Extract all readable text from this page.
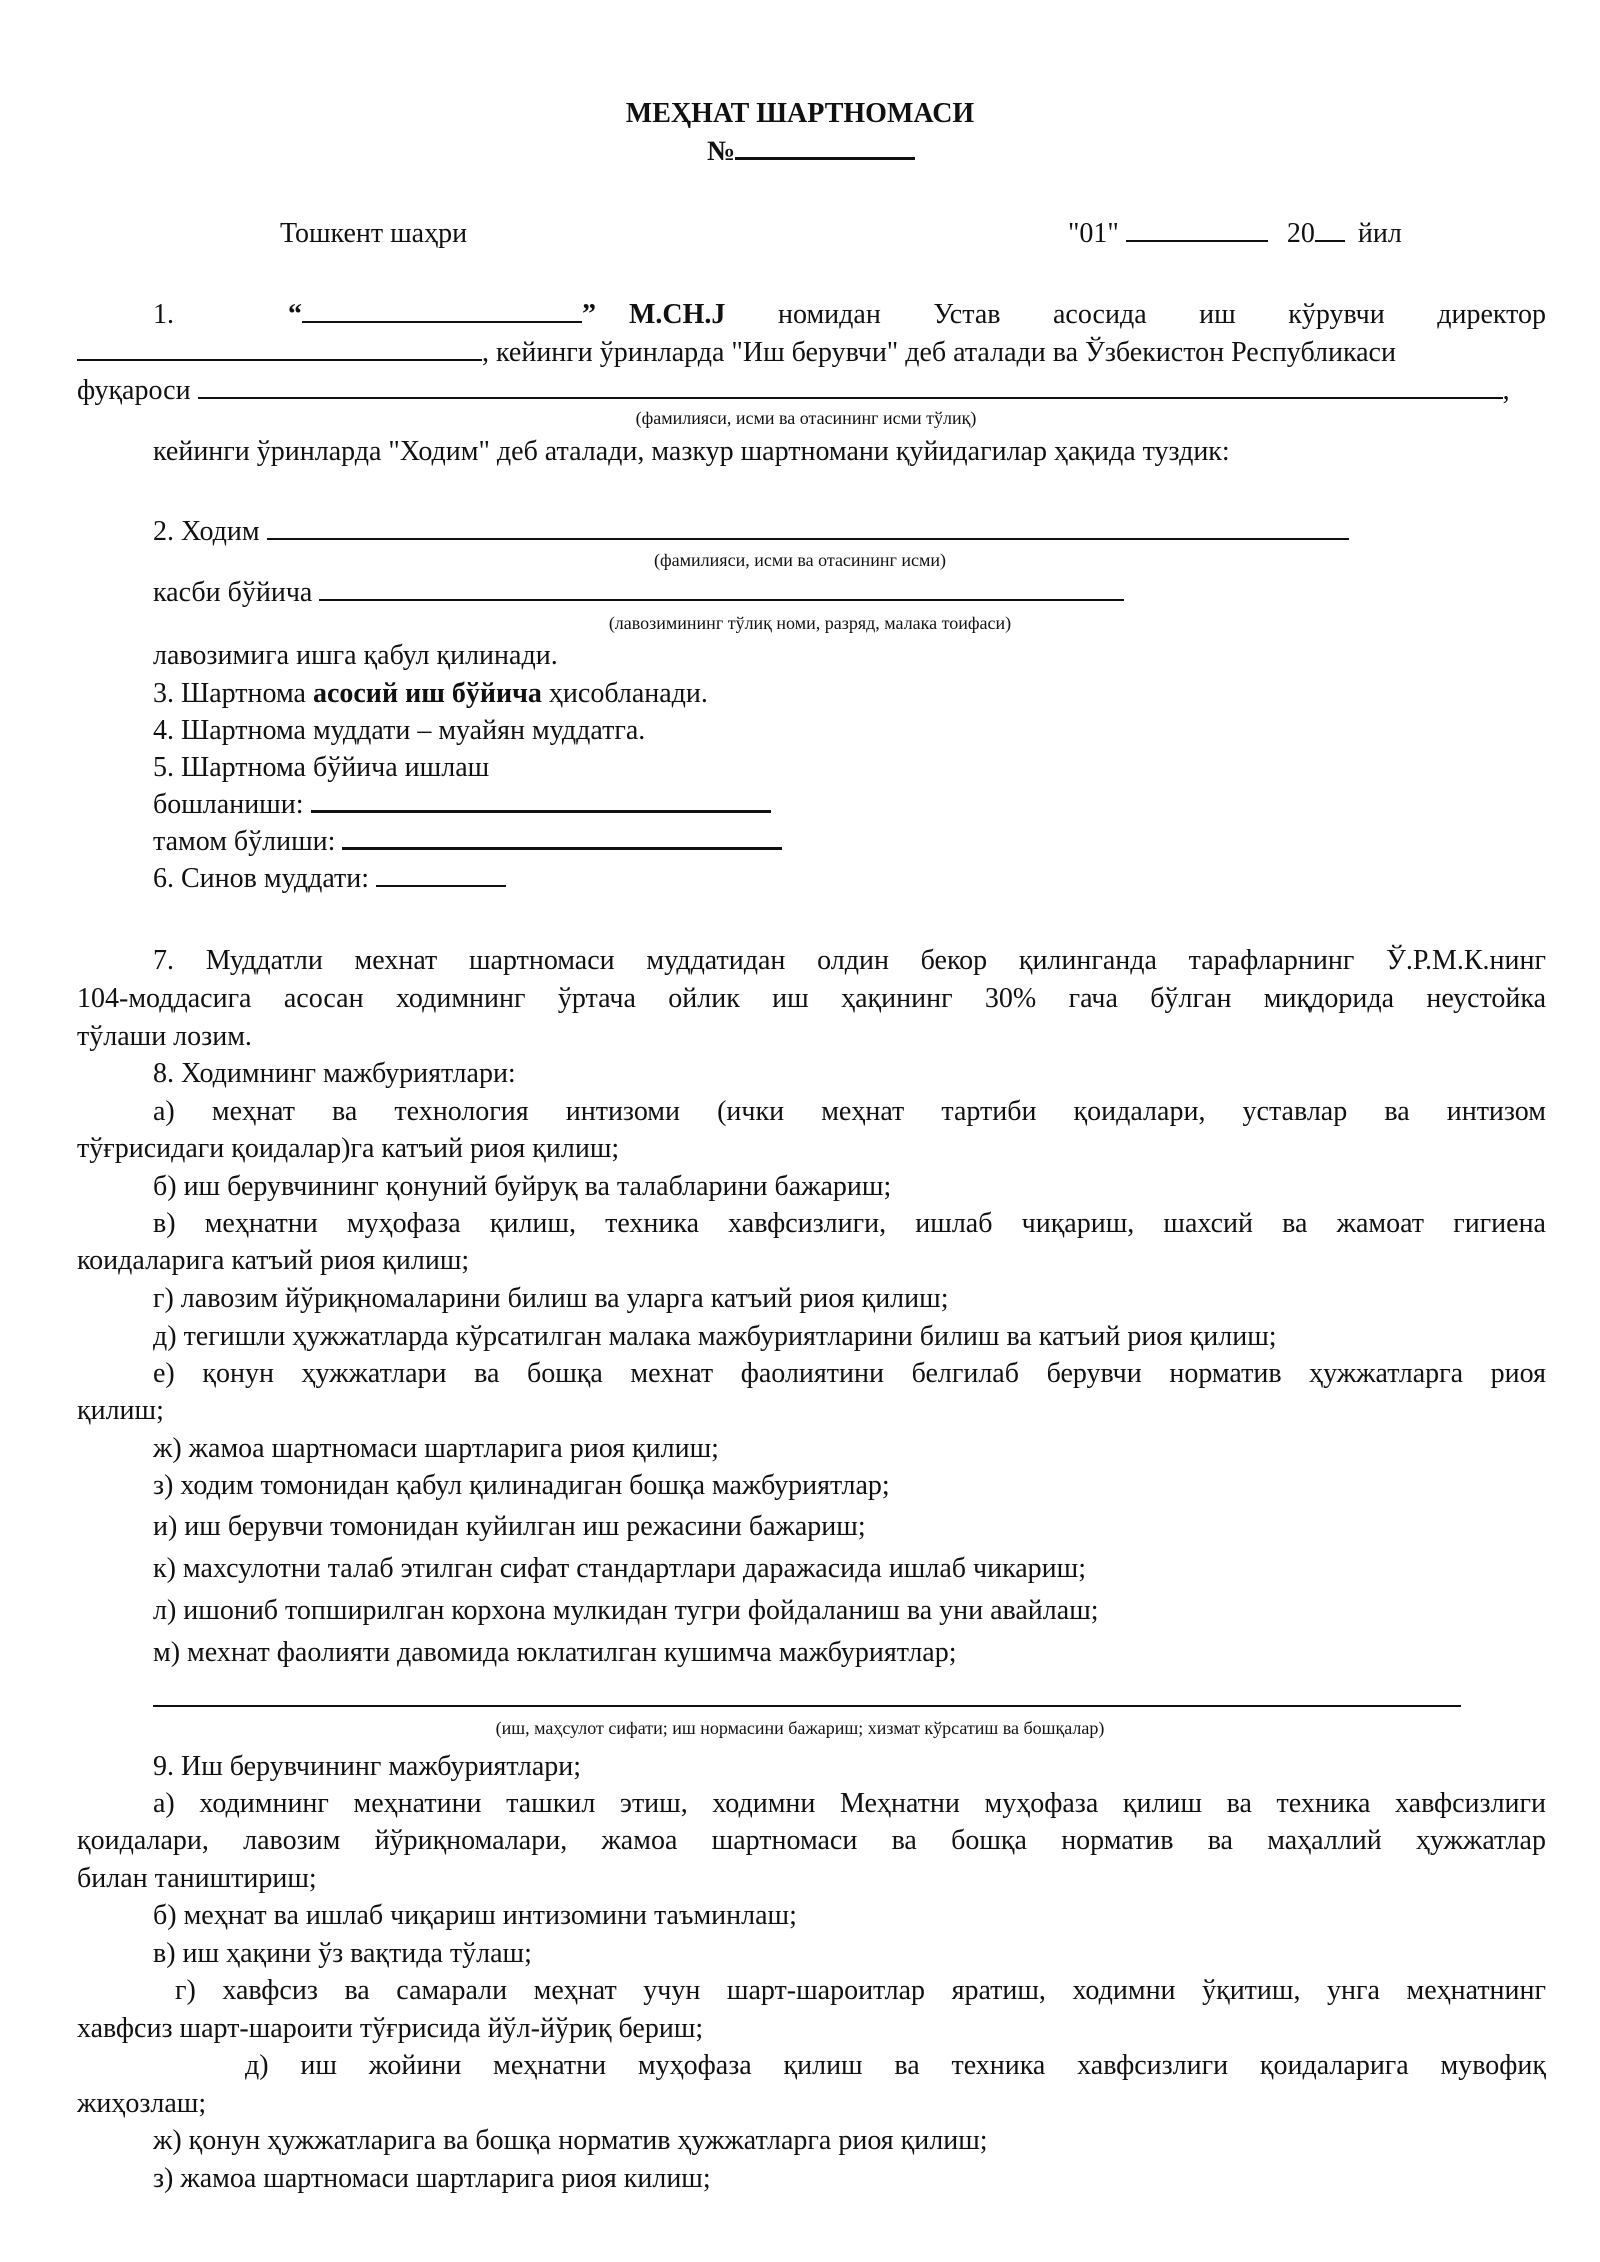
МЕҲНАТ ШАРТНОМАСИ
№
Тошкент шаҳри	"01"	20 йил
1.	“	” M.CH.J номидан Устав асосида иш кўрувчи директор
, кейинги ўринларда "Иш берувчи" деб аталади ва Ўзбекистон Республикаси
фуқароси	,
(фамилияси, исми ва отасининг исми тўлиқ)
кейинги ўринларда "Ходим" деб аталади, мазкур шартномани қуйидагилар ҳақида туздик:
2. Ходим
(фамилияси, исми ва отасининг исми)
касби бўйича
(лавозимининг тўлиқ номи, разряд, малака тоифаси)
лавозимига ишга қабул қилинади.
3. Шартнома асосий иш бўйича ҳисобланади.
4. Шартнома муддати – муайян муддатга.
5. Шартнома бўйича ишлаш
бошланиши:
тамом бўлиши:
6. Синов муддати:
7. Муддатли мехнат шартномаси муддатидан олдин бекор қилинганда тарафларнинг Ў.Р.М.К.нинг
104-моддасига асосан ходимнинг ўртача ойлик иш ҳақининг 30% гача бўлган миқдорида неустойка
тўлаши лозим.
8. Ходимнинг мажбуриятлари:
а) меҳнат ва технология интизоми (ички меҳнат тартиби қоидалари, уставлар ва интизом
тўғрисидаги қоидалар)га катъий риоя қилиш;
б) иш берувчининг қонуний буйруқ ва талабларини бажариш;
в) меҳнатни муҳофаза қилиш, техника хавфсизлиги, ишлаб чиқариш, шахсий ва жамоат гигиена
коидаларига катъий риоя қилиш;
г) лавозим йўриқномаларини билиш ва уларга катъий риоя қилиш;
д) тегишли ҳужжатларда кўрсатилган малака мажбуриятларини билиш ва катъий риоя қилиш;
е) қонун ҳужжатлари ва бошқа мехнат фаолиятини белгилаб берувчи норматив ҳужжатларга риоя
қилиш;
ж) жамоа шартномаси шартларига риоя қилиш;
з) ходим томонидан қабул қилинадиган бошқа мажбуриятлар;
и) иш берувчи томонидан куйилган иш режасини бажариш;
к) махсулотни талаб этилган сифат стандартлари даражасида ишлаб чикариш;
л) ишониб топширилган корхона мулкидан тугри фойдаланиш ва уни авайлаш;
м) мехнат фаолияти давомида юклатилган кушимча мажбуриятлар;
(иш, маҳсулот сифати; иш нормасини бажариш; хизмат кўрсатиш ва бошқалар)
9. Иш берувчининг мажбуриятлари;
а) ходимнинг меҳнатини ташкил этиш, ходимни Меҳнатни муҳофаза қилиш ва техника хавфсизлиги
қоидалари, лавозим йўриқномалари, жамоа шартномаси ва бошқа норматив ва маҳаллий ҳужжатлар
билан таништириш;
б) меҳнат ва ишлаб чиқариш интизомини таъминлаш;
в) иш ҳақини ўз вақтида тўлаш;
г) хавфсиз ва самарали меҳнат учун шарт-шароитлар яратиш, ходимни ўқитиш, унга меҳнатнинг
хавфсиз шарт-шароити тўғрисида йўл-йўриқ бериш;
д) иш жойини меҳнатни муҳофаза қилиш ва техника хавфсизлиги қоидаларига мувофиқ
жиҳозлаш;
ж) қонун ҳужжатларига ва бошқа норматив ҳужжатларга риоя қилиш;
з) жамоа шартномаси шартларига риоя килиш;
